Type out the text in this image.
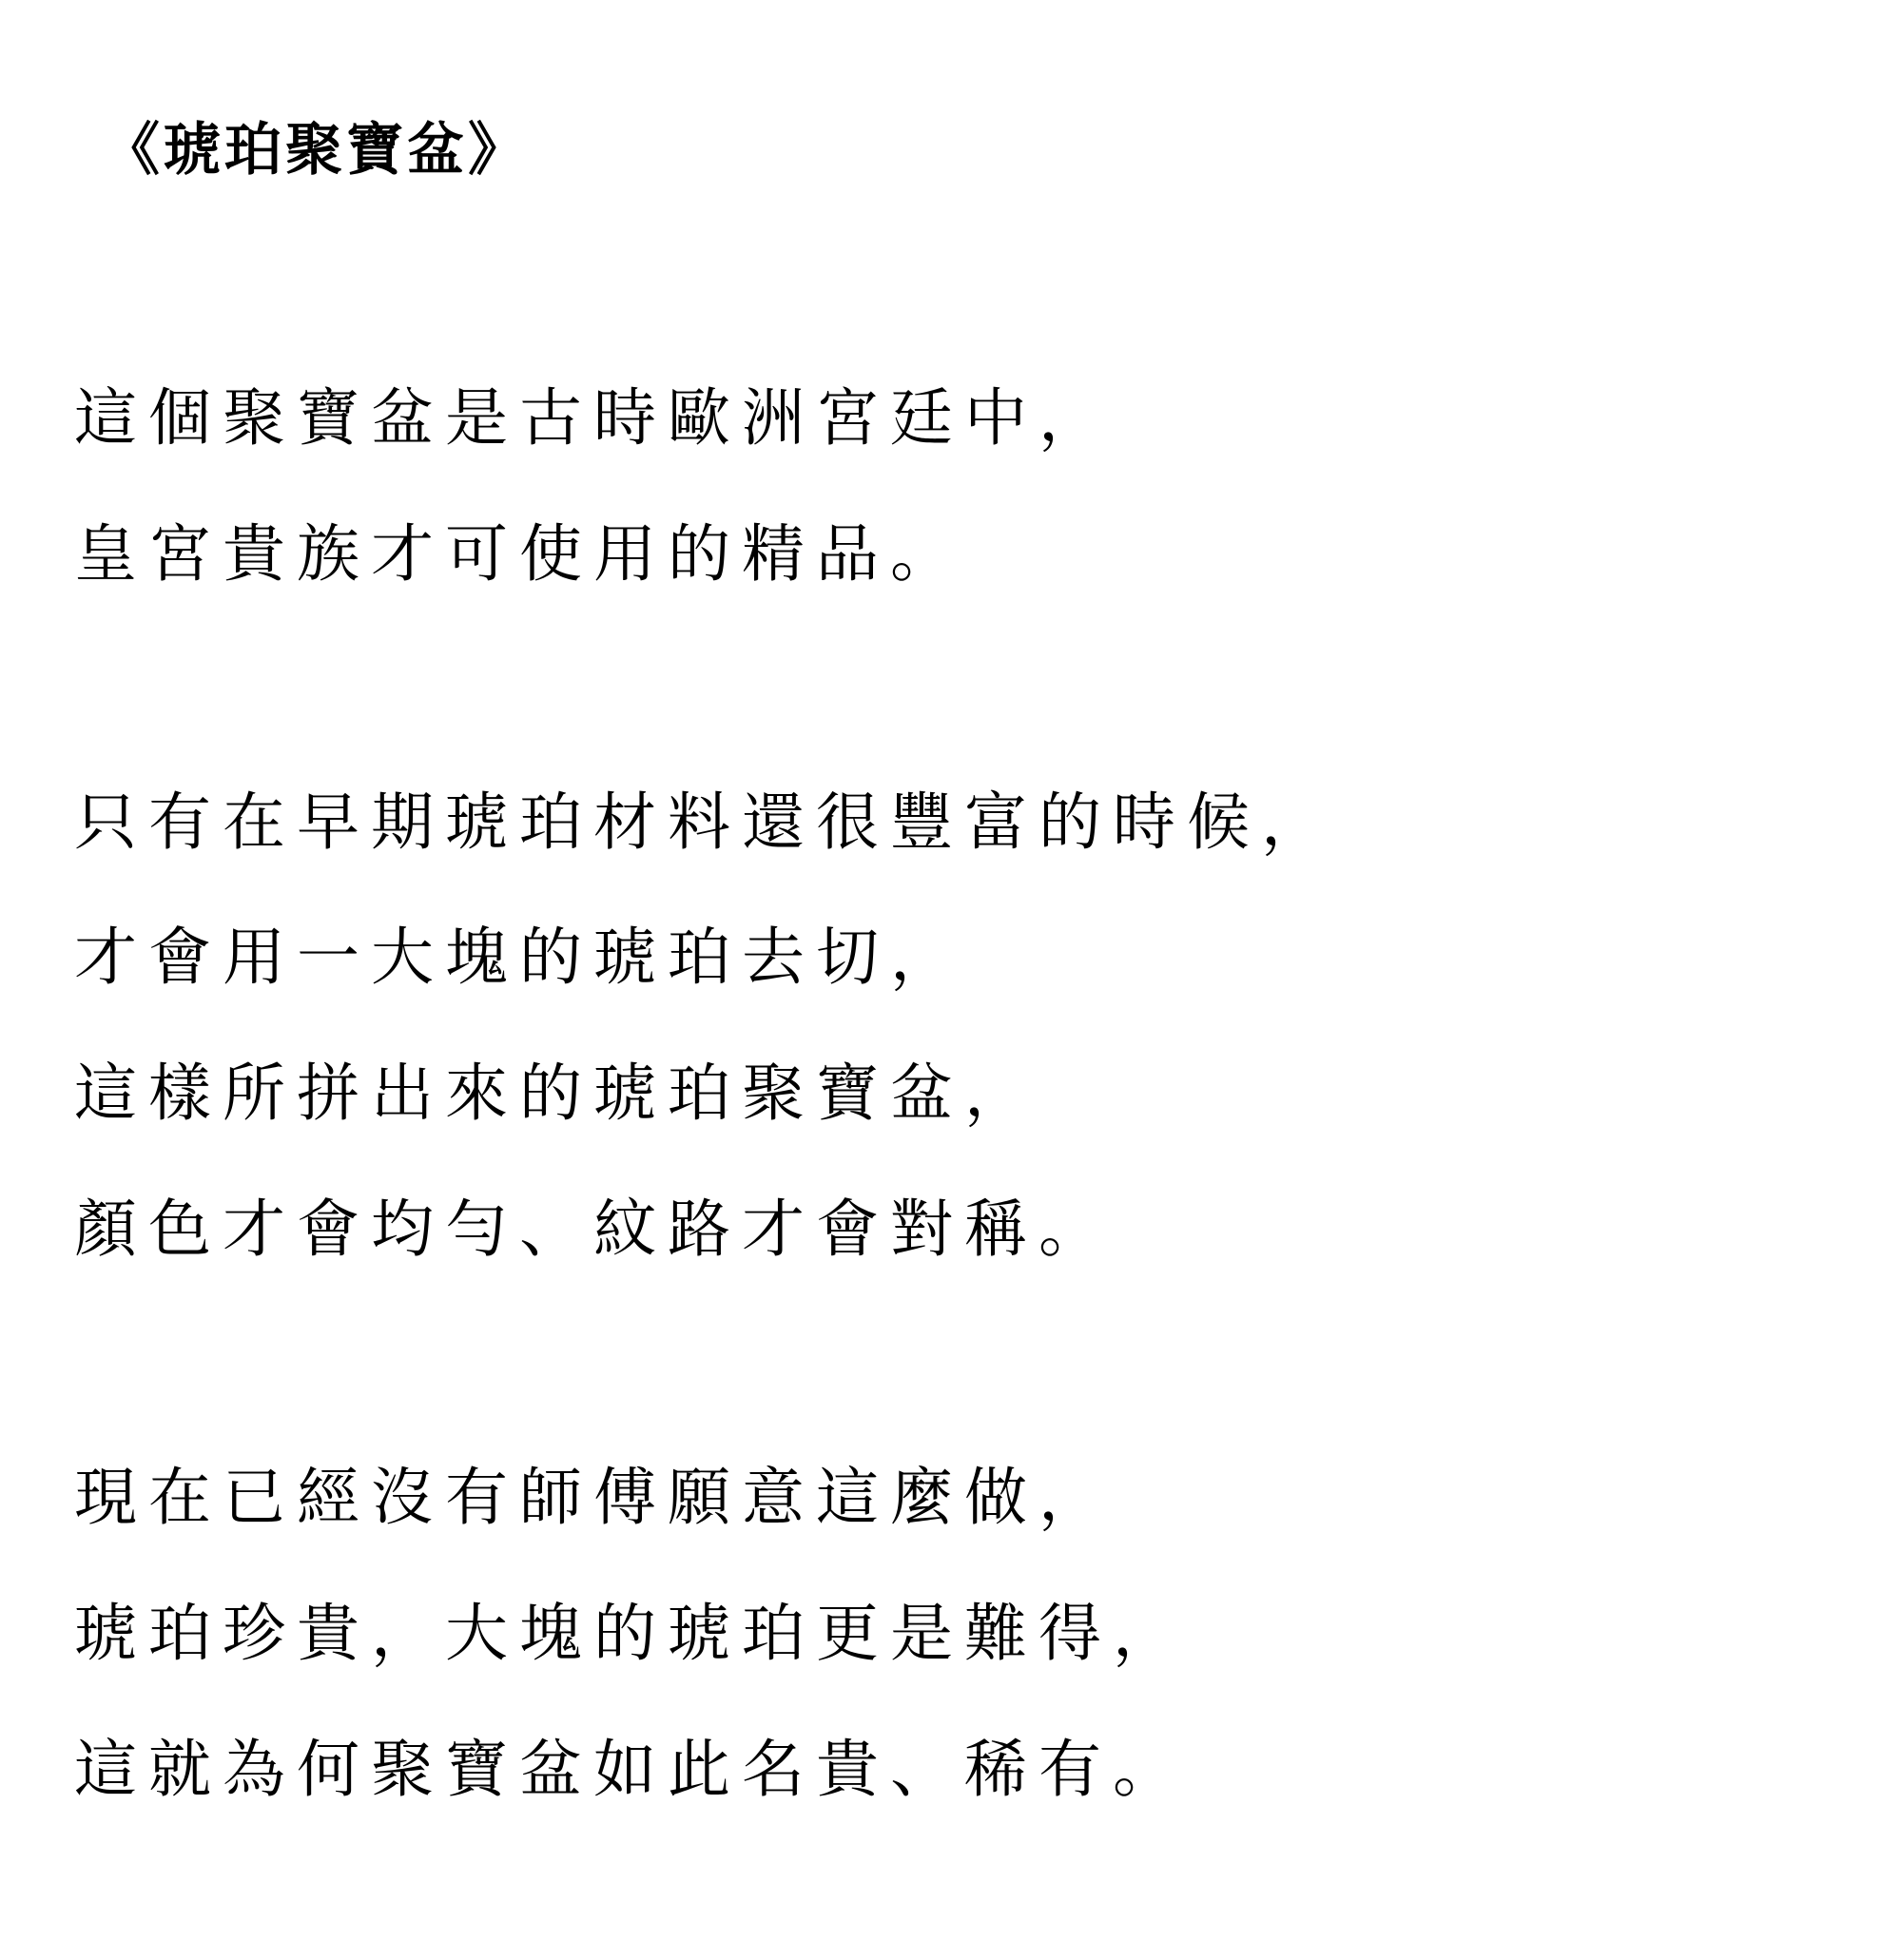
《琥珀聚寶盆》
這個聚寶盆是古時歐洲宮廷中，
皇宮貴族才可使用的精品。
只有在早期琥珀材料還很豐富的時候，
才會用一大塊的琥珀去切，
這樣所拼出來的琥珀聚寶盆，
顏色才會均勻、紋路才會對稱。
現在已經沒有師傅願意這麼做，
琥珀珍貴，大塊的琥珀更是難得，
這就為何聚寶盆如此名貴、稀有。
